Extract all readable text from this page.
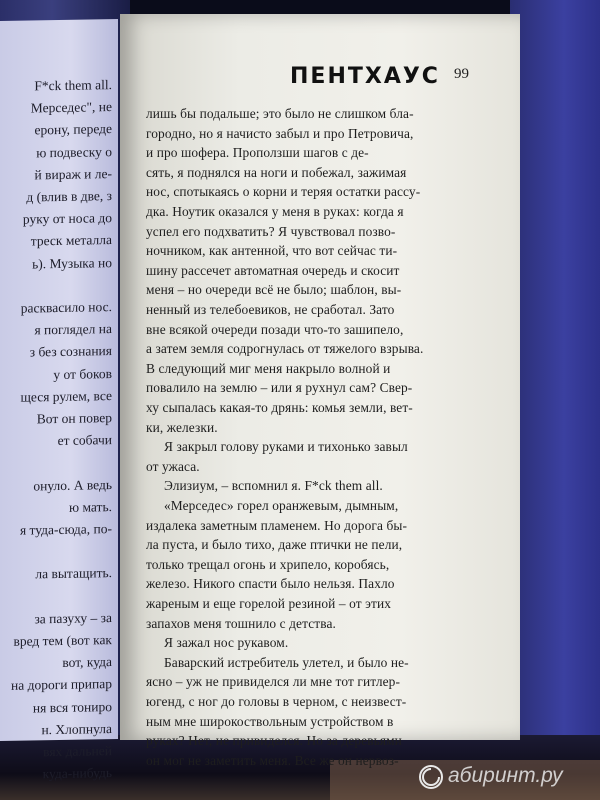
F*ck them all.
Мерседес", не
ерону, переде
ю подвеску о
й вираж и ле-
д (влив в две, з
руку от носа до
треск металла
ь). Музыка но
расквасило нос.
я поглядел на
з без сознания
у от боков
щеся рулем, все
Вот он повер
ет собачи
онуло. А ведь
ю мать.
я туда-сюда, по-
ла вытащить.
за пазуху – за
вред тем (вот как
вот, куда
на дороги припар
ня вся тониро
н. Хлопнула
вях дальней
куда-нибудь
ПЕНТХАУС 99
лишь бы подальше; это было не слишком бла-
городно, но я начисто забыл и про Петровича,
и про шофера. Проползши шагов с де-
сять, я поднялся на ноги и побежал, зажимая
нос, спотыкаясь о корни и теряя остатки рассу-
дка. Ноутик оказался у меня в руках: когда я
успел его подхватить? Я чувствовал позво-
ночником, как антенной, что вот сейчас ти-
шину рассечет автоматная очередь и скосит
меня – но очереди всё не было; шаблон, вы-
ненный из телебоевиков, не сработал. Зато
вне всякой очереди позади что-то зашипело,
а затем земля содрогнулась от тяжелого взрыва.
В следующий миг меня накрыло волной и
повалило на землю – или я рухнул сам? Свер-
ху сыпалась какая-то дрянь: комья земли, вет-
ки, железки.
Я закрыл голову руками и тихонько завыл
от ужаса.
Элизиум, – вспомнил я. F*ck them all.
«Мерседес» горел оранжевым, дымным,
издалека заметным пламенем. Но дорога бы-
ла пуста, и было тихо, даже птички не пели,
только трещал огонь и хрипело, коробясь,
железо. Никого спасти было нельзя. Пахло
жареным и еще горелой резиной – от этих
запахов меня тошнило с детства.
Я зажал нос рукавом.
Баварский истребитель улетел, и было не-
ясно – уж не привиделся ли мне тот гитлер-
югенд, с ног до головы в черном, с неизвест-
ным мне широкоствольным устройством в
руках? Нет, не привиделся. Но за деревьями
он мог не заметить меня. Все же он нервоз-
абиринт.ру
